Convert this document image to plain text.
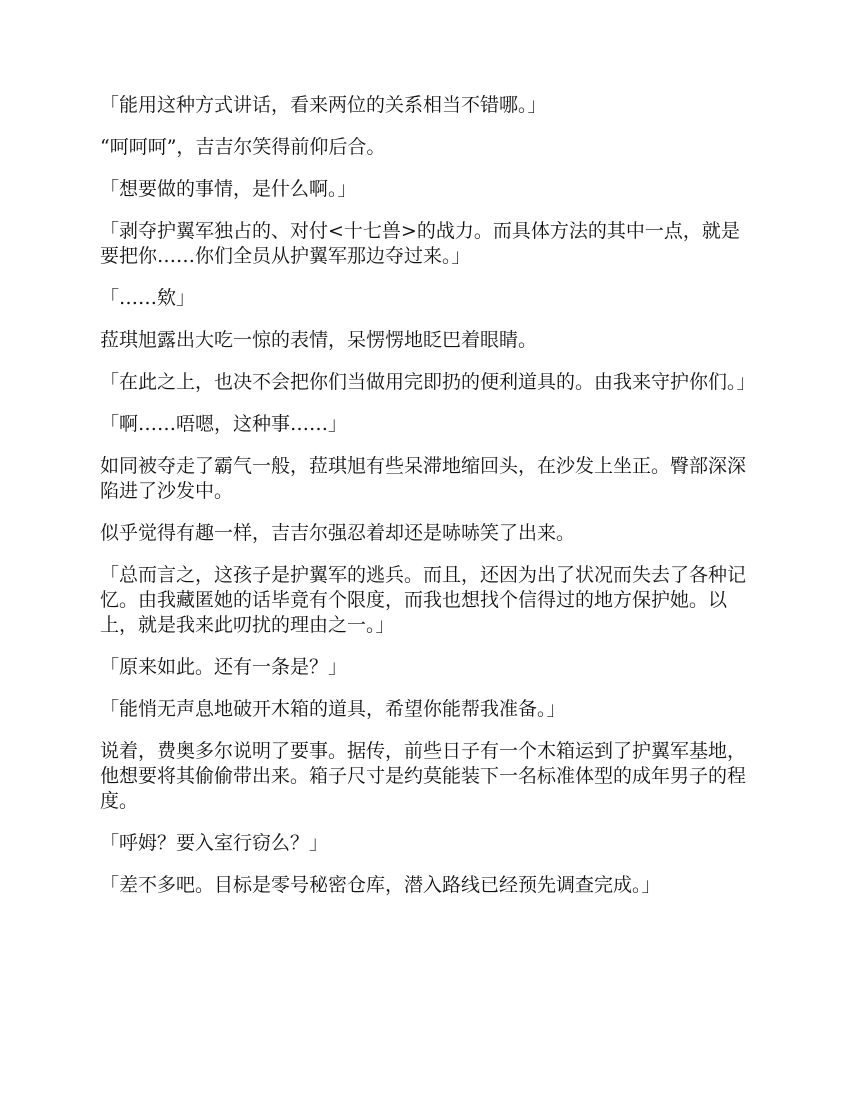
「能用这种方式讲话，看来两位的关系相当不错哪。」

“呵呵呵”，吉吉尔笑得前仰后合。

「想要做的事情，是什么啊。」

「剥夺护翼军独占的、对付<十七兽>的战力。而具体方法的其中一点，就是要把你……你们全员从护翼军那边夺过来。」

「……欸」

菈琪旭露出大吃一惊的表情，呆愣愣地眨巴着眼睛。

「在此之上，也决不会把你们当做用完即扔的便利道具的。由我来守护你们。」

「啊……唔嗯，这种事……」

如同被夺走了霸气一般，菈琪旭有些呆滞地缩回头，在沙发上坐正。臀部深深陷进了沙发中。

似乎觉得有趣一样，吉吉尔强忍着却还是哧哧笑了出来。

「总而言之，这孩子是护翼军的逃兵。而且，还因为出了状况而失去了各种记忆。由我藏匿她的话毕竟有个限度，而我也想找个信得过的地方保护她。以上，就是我来此叨扰的理由之一。」

「原来如此。还有一条是？」

「能悄无声息地破开木箱的道具，希望你能帮我准备。」

说着，费奥多尔说明了要事。据传，前些日子有一个木箱运到了护翼军基地，他想要将其偷偷带出来。箱子尺寸是约莫能装下一名标准体型的成年男子的程度。

「呼姆？要入室行窃么？」

「差不多吧。目标是零号秘密仓库，潜入路线已经预先调查完成。」
